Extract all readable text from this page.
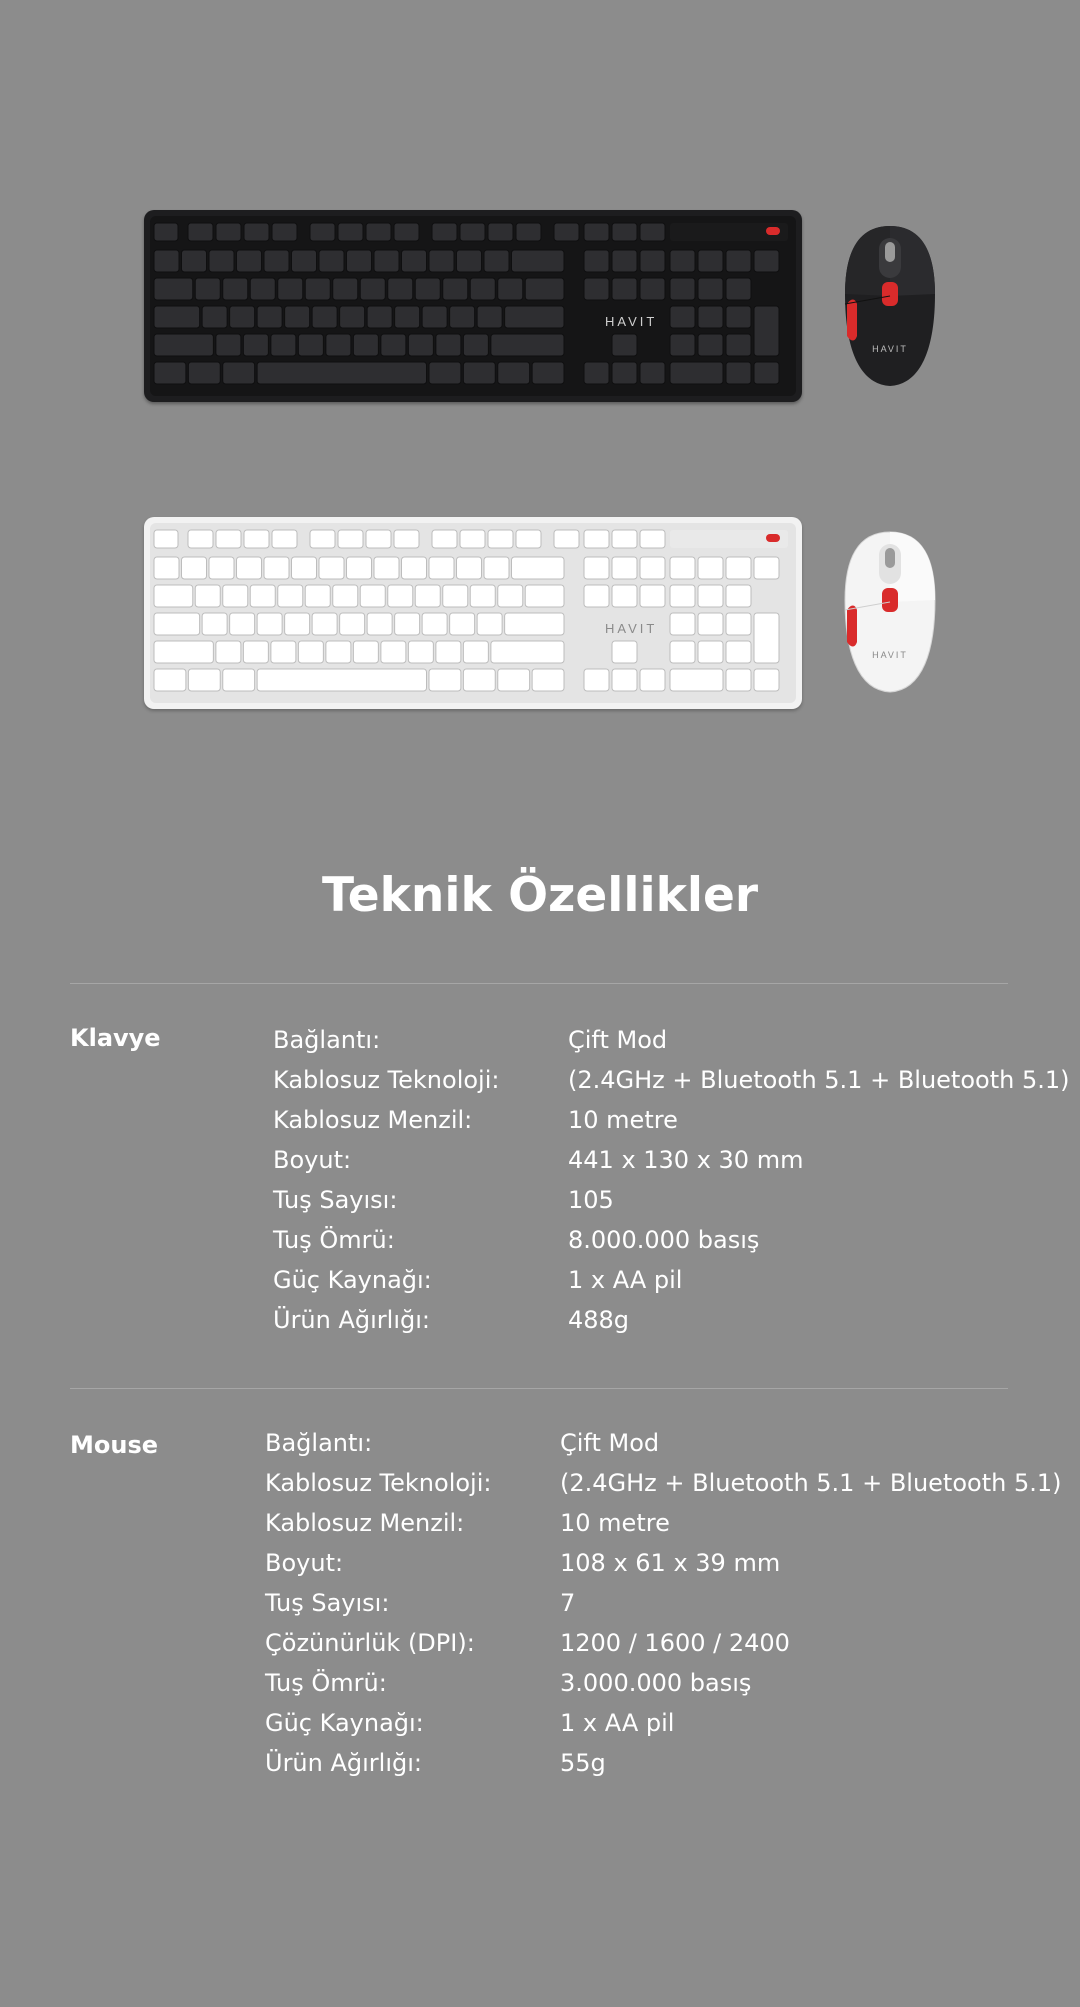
HAVIT
HAVIT
HAVIT
HAVIT
Teknik Özellikler
Klavye	Bağlantı:	Çift Mod
Kablosuz Teknoloji:	(2.4GHz + Bluetooth 5.1 + Bluetooth 5.1)
Kablosuz Menzil:	10 metre
Boyut:	441 x 130 x 30 mm
Tuş Sayısı:	105
Tuş Ömrü:	8.000.000 basış
Güç Kaynağı:	1 x AA pil
Ürün Ağırlığı:	488g
Mouse	Bağlantı:	Çift Mod
Kablosuz Teknoloji:	(2.4GHz + Bluetooth 5.1 + Bluetooth 5.1)
Kablosuz Menzil:	10 metre
Boyut:	108 x 61 x 39 mm
Tuş Sayısı:	7
Çözünürlük (DPI):	1200 / 1600 / 2400
Tuş Ömrü:	3.000.000 basış
Güç Kaynağı:	1 x AA pil
Ürün Ağırlığı:	55g
